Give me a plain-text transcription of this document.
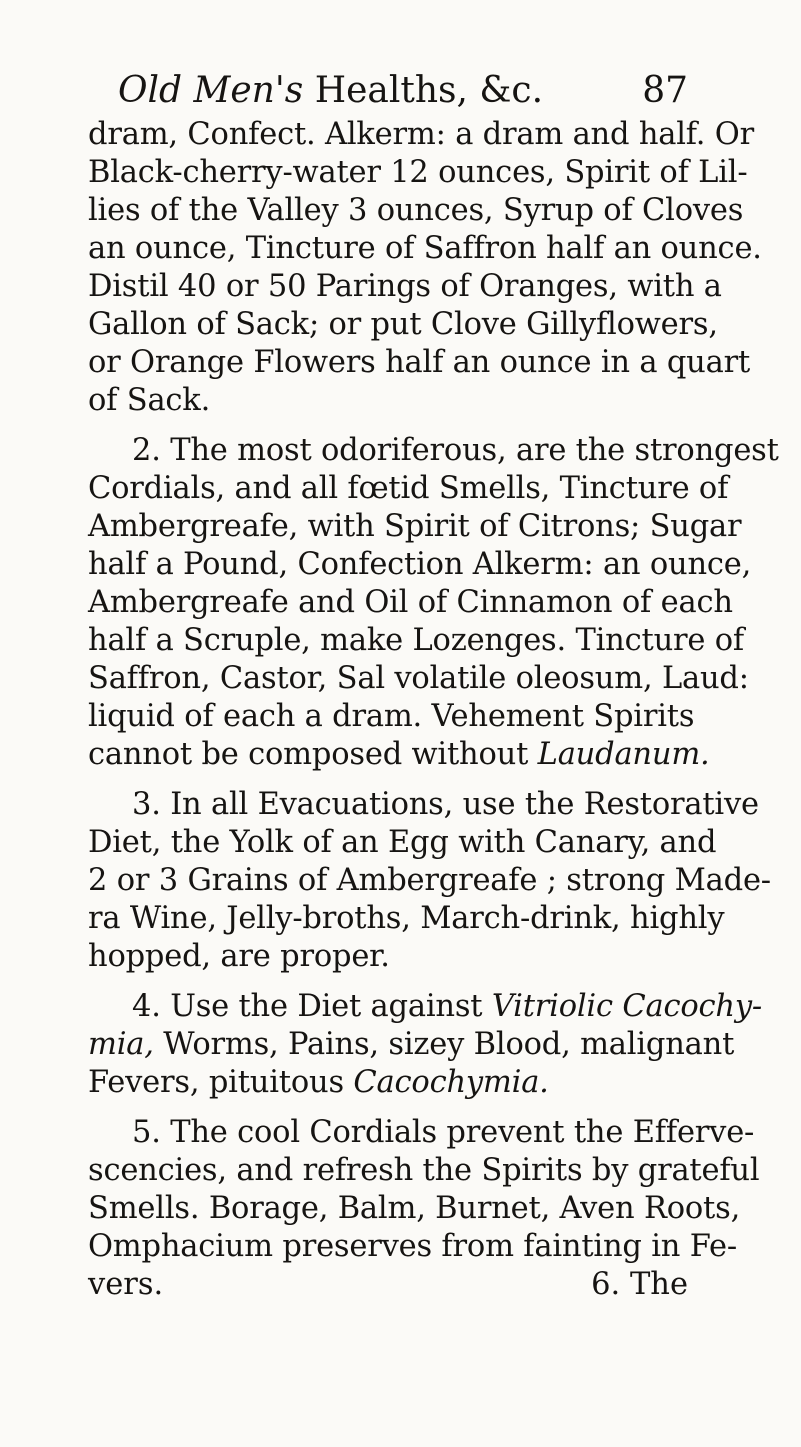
Old Men's Healths, &c.	87
dram, Confect. Alkerm: a dram and half. Or
Black-cherry-water 12 ounces, Spirit of Lil-
lies of the Valley 3 ounces, Syrup of Cloves
an ounce, Tincture of Saffron half an ounce.
Distil 40 or 50 Parings of Oranges, with a
Gallon of Sack; or put Clove Gillyflowers,
or Orange Flowers half an ounce in a quart
of Sack.
2. The most odoriferous, are the strongest
Cordials, and all fœtid Smells, Tincture of
Ambergreafe, with Spirit of Citrons; Sugar
half a Pound, Confection Alkerm: an ounce,
Ambergreafe and Oil of Cinnamon of each
half a Scruple, make Lozenges. Tincture of
Saffron, Castor, Sal volatile oleosum, Laud:
liquid of each a dram. Vehement Spirits
cannot be composed without Laudanum.
3. In all Evacuations, use the Restorative
Diet, the Yolk of an Egg with Canary, and
2 or 3 Grains of Ambergreafe ; strong Made-
ra Wine, Jelly-broths, March-drink, highly
hopped, are proper.
4. Use the Diet against Vitriolic Cacochy-
mia, Worms, Pains, sizey Blood, malignant
Fevers, pituitous Cacochymia.
5. The cool Cordials prevent the Efferve-
scencies, and refresh the Spirits by grateful
Smells. Borage, Balm, Burnet, Aven Roots,
Omphacium preserves from fainting in Fe-
vers.	6. The
